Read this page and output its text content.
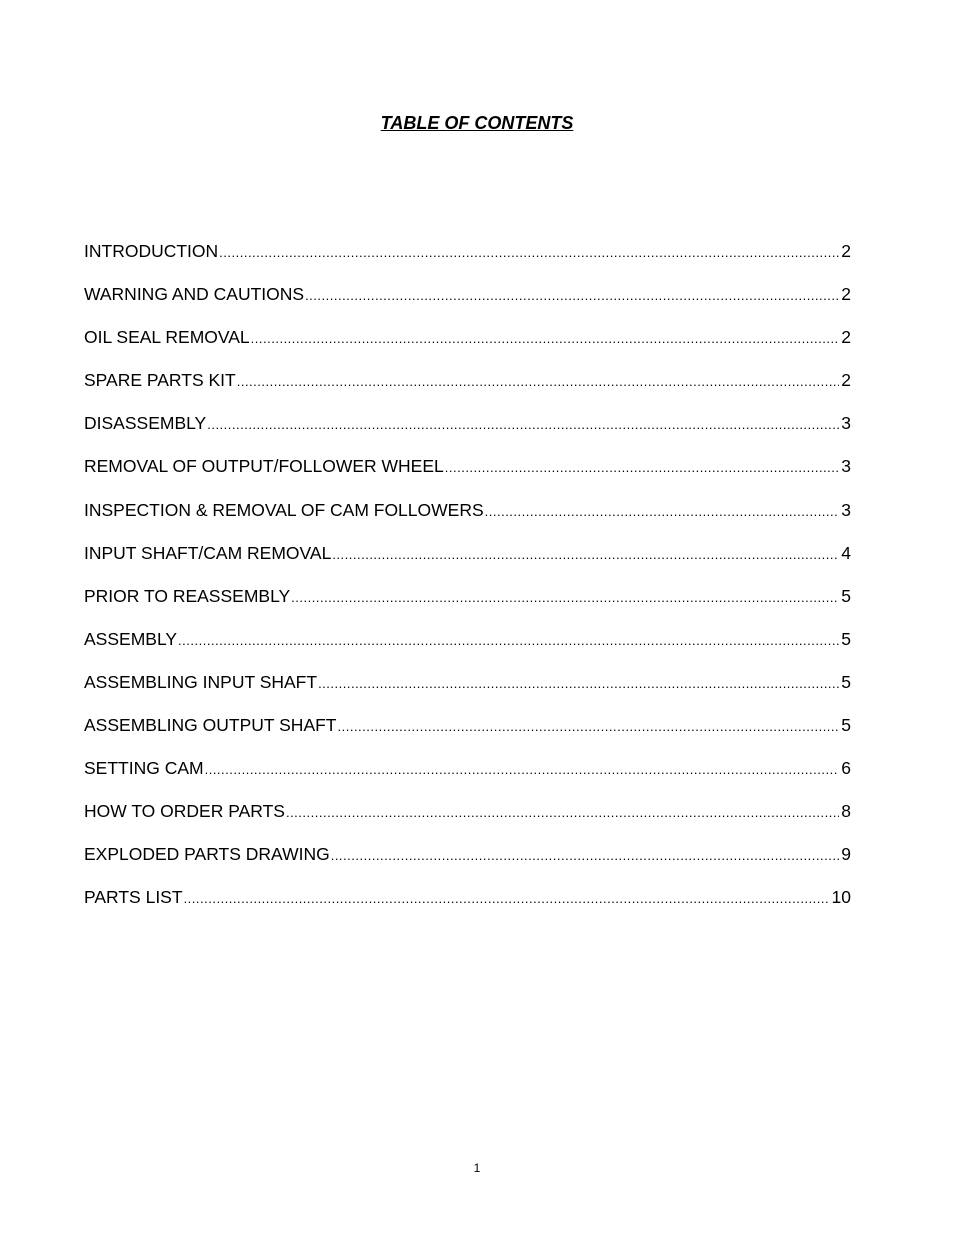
TABLE OF CONTENTS
INTRODUCTION .....	2
WARNING AND CAUTIONS .....	2
OIL SEAL REMOVAL .....	2
SPARE PARTS KIT .....	2
DISASSEMBLY .....	3
REMOVAL OF OUTPUT/FOLLOWER WHEEL .....	3
INSPECTION & REMOVAL OF CAM FOLLOWERS .....	3
INPUT SHAFT/CAM REMOVAL .....	4
PRIOR TO REASSEMBLY .....	5
ASSEMBLY .....	5
ASSEMBLING INPUT SHAFT .....	5
ASSEMBLING OUTPUT SHAFT .....	5
SETTING CAM .....	6
HOW TO ORDER PARTS .....	8
EXPLODED PARTS DRAWING .....	9
PARTS LIST .....	10
1
